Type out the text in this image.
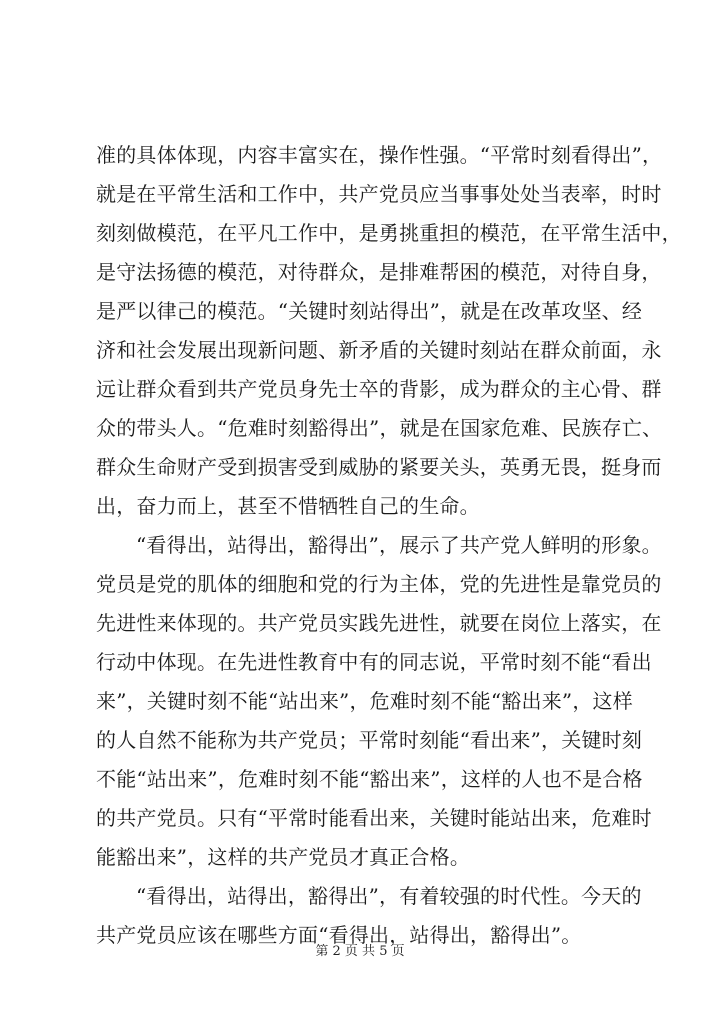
准的具体体现，内容丰富实在，操作性强。“平常时刻看得出”，
就是在平常生活和工作中，共产党员应当事事处处当表率，时时
刻刻做模范，在平凡工作中，是勇挑重担的模范，在平常生活中，
是守法扬德的模范，对待群众，是排难帮困的模范，对待自身，
是严以律己的模范。“关键时刻站得出”，就是在改革攻坚、经
济和社会发展出现新问题、新矛盾的关键时刻站在群众前面，永
远让群众看到共产党员身先士卒的背影，成为群众的主心骨、群
众的带头人。“危难时刻豁得出”，就是在国家危难、民族存亡、
群众生命财产受到损害受到威胁的紧要关头，英勇无畏，挺身而
出，奋力而上，甚至不惜牺牲自己的生命。
“看得出，站得出，豁得出”，展示了共产党人鲜明的形象。
党员是党的肌体的细胞和党的行为主体，党的先进性是靠党员的
先进性来体现的。共产党员实践先进性，就要在岗位上落实，在
行动中体现。在先进性教育中有的同志说，平常时刻不能“看出
来”，关键时刻不能“站出来”，危难时刻不能“豁出来”，这样
的人自然不能称为共产党员；平常时刻能“看出来”，关键时刻
不能“站出来”，危难时刻不能“豁出来”，这样的人也不是合格
的共产党员。只有“平常时能看出来，关键时能站出来，危难时
能豁出来”，这样的共产党员才真正合格。
“看得出，站得出，豁得出”，有着较强的时代性。今天的
共产党员应该在哪些方面“看得出，站得出，豁得出”。
第 2 页 共 5 页
